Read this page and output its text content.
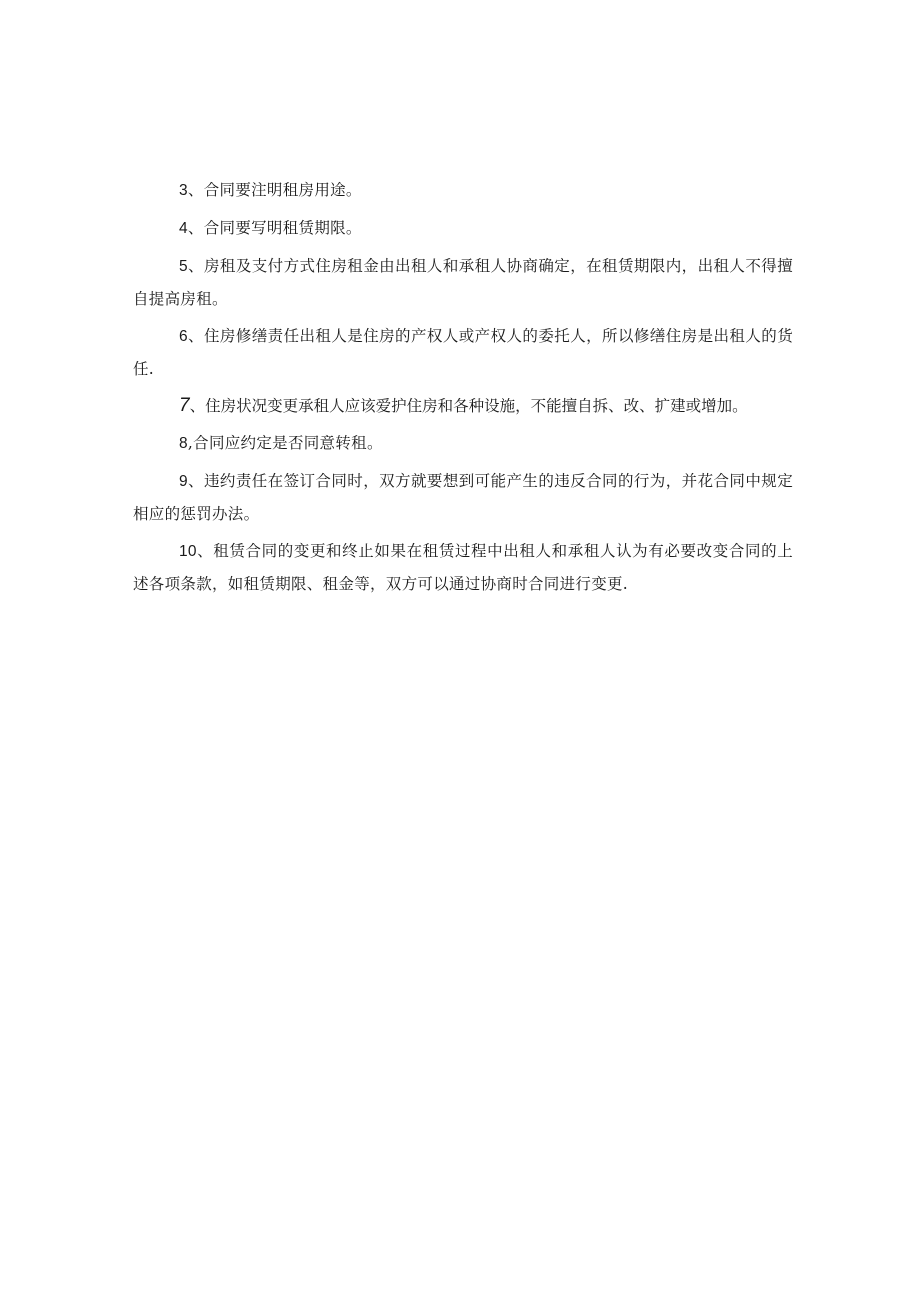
3、合同要注明租房用途。

4、合同要写明租赁期限。

5、房租及支付方式住房租金由出租人和承租人协商确定，在租赁期限内，出租人不得擅自提高房租。

6、住房修缮责任出租人是住房的产权人或产权人的委托人，所以修缮住房是出租人的货任.

7、住房状况变更承租人应该爱护住房和各种设施，不能擅自拆、改、扩建或增加。

8,合同应约定是否同意转租。

9、违约责任在签订合同时，双方就要想到可能产生的违反合同的行为，并花合同中规定相应的惩罚办法。

10、租赁合同的变更和终止如果在租赁过程中出租人和承租人认为有必要改变合同的上述各项条款，如租赁期限、租金等，双方可以通过协商时合同进行变更.
